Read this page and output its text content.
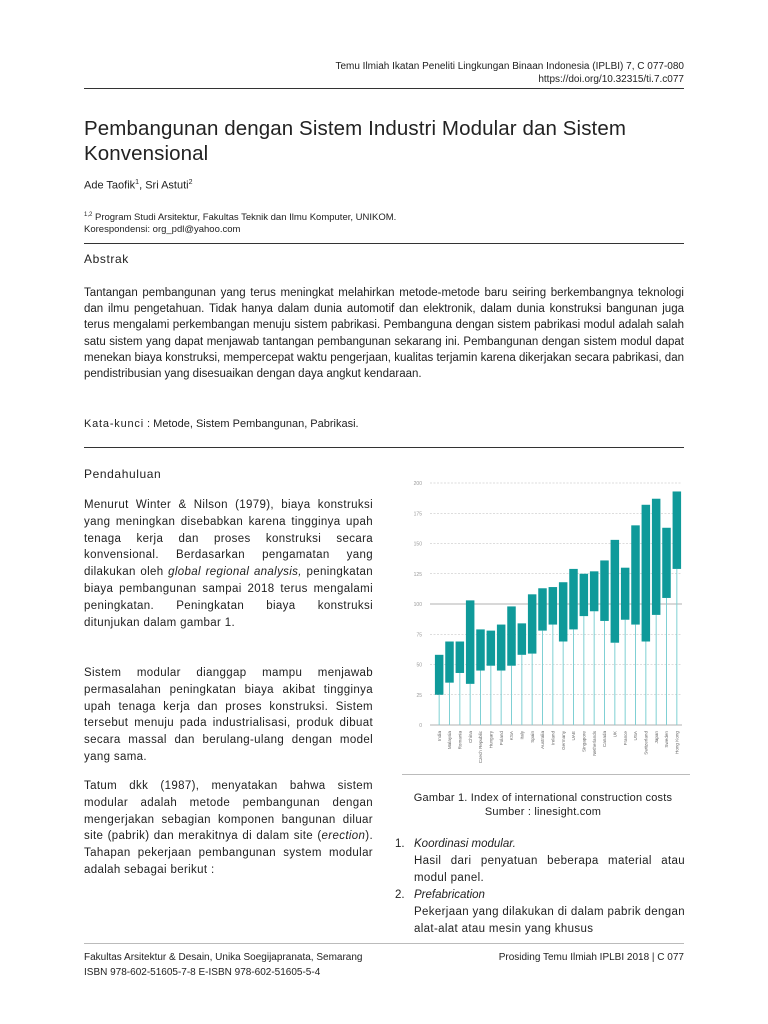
Temu Ilmiah Ikatan Peneliti Lingkungan Binaan Indonesia (IPLBI) 7, C 077-080
https://doi.org/10.32315/ti.7.c077
Pembangunan dengan Sistem Industri Modular dan Sistem Konvensional
Ade Taofik$^1$, Sri Astuti$^2$
$^{1,2}$ Program Studi Arsitektur, Fakultas Teknik dan Ilmu Komputer, UNIKOM.
Korespondensi: org_pdl@yahoo.com
Abstrak
Tantangan pembangunan yang terus meningkat melahirkan metode-metode baru seiring berkembangnya teknologi dan ilmu pengetahuan. Tidak hanya dalam dunia automotif dan elektronik, dalam dunia konstruksi bangunan juga terus mengalami perkembangan menuju sistem pabrikasi. Pembanguna dengan sistem pabrikasi modul adalah salah satu sistem yang dapat menjawab tantangan pembangunan sekarang ini. Pembangunan dengan sistem modul dapat menekan biaya konstruksi, mempercepat waktu pengerjaan, kualitas terjamin karena dikerjakan secara pabrikasi, dan pendistribusian yang disesuaikan dengan daya angkut kendaraan.
Kata-kunci : Metode, Sistem Pembangunan, Pabrikasi.
Pendahuluan
Menurut Winter & Nilson (1979), biaya konstruksi yang meningkan disebabkan karena tingginya upah tenaga kerja dan proses konstruksi secara konvensional. Berdasarkan pengamatan yang dilakukan oleh global regional analysis, peningkatan biaya pembangunan sampai 2018 terus mengalami peningkatan. Peningkatan biaya konstruksi ditunjukan dalam gambar 1.
Sistem modular dianggap mampu menjawab permasalahan peningkatan biaya akibat tingginya upah tenaga kerja dan proses konstruksi. Sistem tersebut menuju pada industrialisasi, produk dibuat secara massal dan berulang-ulang dengan model yang sama.
Tatum dkk (1987), menyatakan bahwa sistem modular adalah metode pembangunan dengan mengerjakan sebagian komponen bangunan diluar site (pabrik) dan merakitnya di dalam site (erection). Tahapan pekerjaan pembangunan system modular adalah sebagai berikut :
0
25
50
75
100
125
150
175
200
India Malaysia Romania China Czech Republic Hungary Poland KSA Italy Spain Australia Ireland Germany UAE Singapore Netherlands Canada UK France USA Switzerland Japan Sweden Hong Kong
Gambar 1. Index of international construction costs
Sumber : linesight.com
1. Koordinasi modular.
Hasil dari penyatuan beberapa material atau modul panel.
2. Prefabrication
Pekerjaan yang dilakukan di dalam pabrik dengan alat-alat atau mesin yang khusus
Fakultas Arsitektur & Desain, Unika Soegijapranata, Semarang
ISBN 978-602-51605-7-8 E-ISBN 978-602-51605-5-4
Prosiding Temu Ilmiah IPLBI 2018 | C 077
